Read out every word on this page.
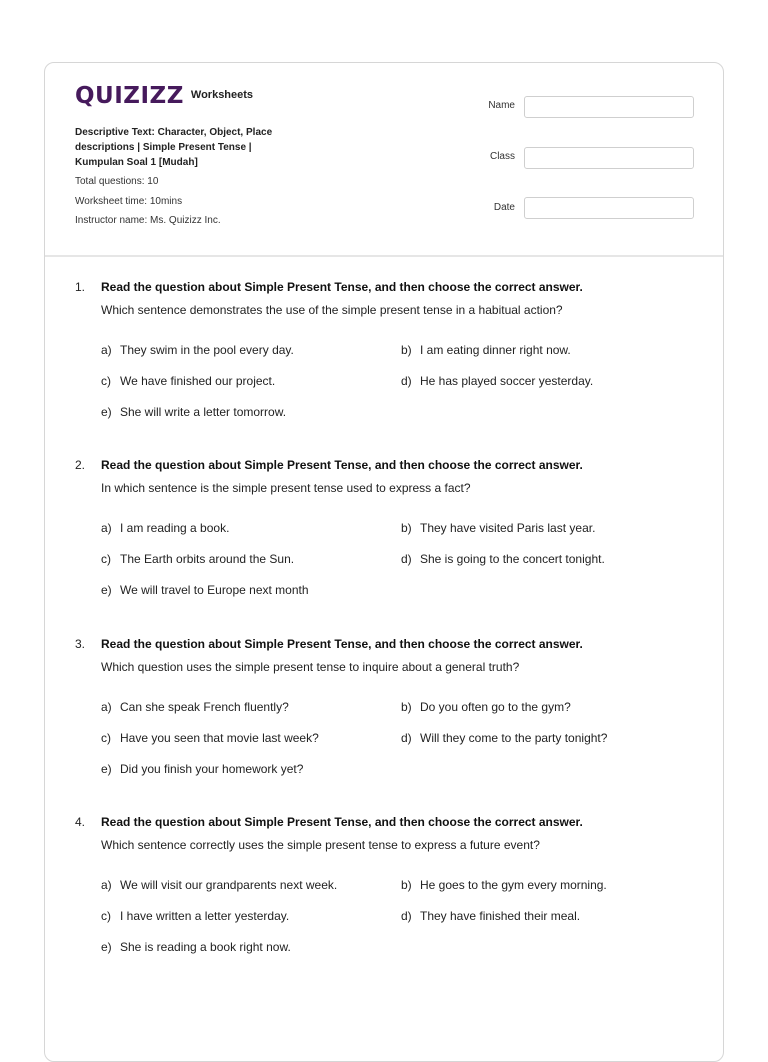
QUIZIZZ Worksheets
Descriptive Text: Character, Object, Place
descriptions | Simple Present Tense |
Kumpulan Soal 1 [Mudah]
Total questions: 10
Worksheet time: 10mins
Instructor name: Ms. Quizizz Inc.
Name
Class
Date
1. Read the question about Simple Present Tense, and then choose the correct answer.
Which sentence demonstrates the use of the simple present tense in a habitual action?
a) They swim in the pool every day.	b) I am eating dinner right now.
c) We have finished our project.	d) He has played soccer yesterday.
e) She will write a letter tomorrow.
2. Read the question about Simple Present Tense, and then choose the correct answer.
In which sentence is the simple present tense used to express a fact?
a) I am reading a book.	b) They have visited Paris last year.
c) The Earth orbits around the Sun.	d) She is going to the concert tonight.
e) We will travel to Europe next month
3. Read the question about Simple Present Tense, and then choose the correct answer.
Which question uses the simple present tense to inquire about a general truth?
a) Can she speak French fluently?	b) Do you often go to the gym?
c) Have you seen that movie last week?	d) Will they come to the party tonight?
e) Did you finish your homework yet?
4. Read the question about Simple Present Tense, and then choose the correct answer.
Which sentence correctly uses the simple present tense to express a future event?
a) We will visit our grandparents next week.	b) He goes to the gym every morning.
c) I have written a letter yesterday.	d) They have finished their meal.
e) She is reading a book right now.
